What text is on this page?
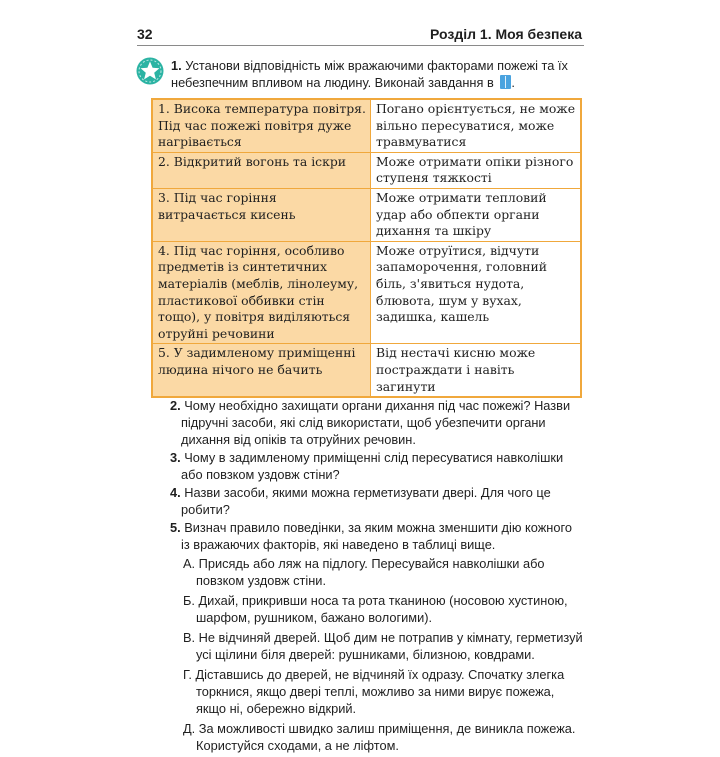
32	Розділ 1. Моя безпека
1. Установи відповідність між вражаючими факторами пожежі та їх небезпечним впливом на людину. Виконай завдання в .
1. Висока температура повітря. Під час пожежі повітря дуже нагрівається	Погано орієнтується, не може вільно пересуватися, може травмуватися
2. Відкритий вогонь та іскри	Може отримати опіки різного ступеня тяжкості
3. Під час горіння витрачається кисень	Може отримати тепловий удар або обпекти органи дихання та шкіру
4. Під час горіння, особливо предметів із синтетичних матеріалів (меблів, лінолеуму, пластикової оббивки стін тощо), у повітря виділяються отруйні речовини	Може отруїтися, відчути запаморочення, головний біль, з'явиться нудота, блювота, шум у вухах, задишка, кашель
5. У задимленому приміщенні людина нічого не бачить	Від нестачі кисню може постраждати і навіть загинути

2. Чому необхідно захищати органи дихання під час пожежі? Назви підручні засоби, які слід використати, щоб убезпечити органи дихання від опіків та отруйних речовин.

3. Чому в задимленому приміщенні слід пересуватися навколішки або повзком уздовж стіни?

4. Назви засоби, якими можна герметизувати двері. Для чого це робити?

5. Визнач правило поведінки, за яким можна зменшити дію кожного із вражаючих факторів, які наведено в таблиці вище.

А. Присядь або ляж на підлогу. Пересувайся навколішки або повзком уздовж стіни.

Б. Дихай, прикривши носа та рота тканиною (носовою хустиною, шарфом, рушником, бажано вологими).

В. Не відчиняй дверей. Щоб дим не потрапив у кімнату, герметизуй усі щілини біля дверей: рушниками, білизною, ковдрами.

Г. Діставшись до дверей, не відчиняй їх одразу. Спочатку злегка торкнися, якщо двері теплі, можливо за ними вирує пожежа, якщо ні, обережно відкрий.

Д. За можливості швидко залиш приміщення, де виникла пожежа. Користуйся сходами, а не ліфтом.
